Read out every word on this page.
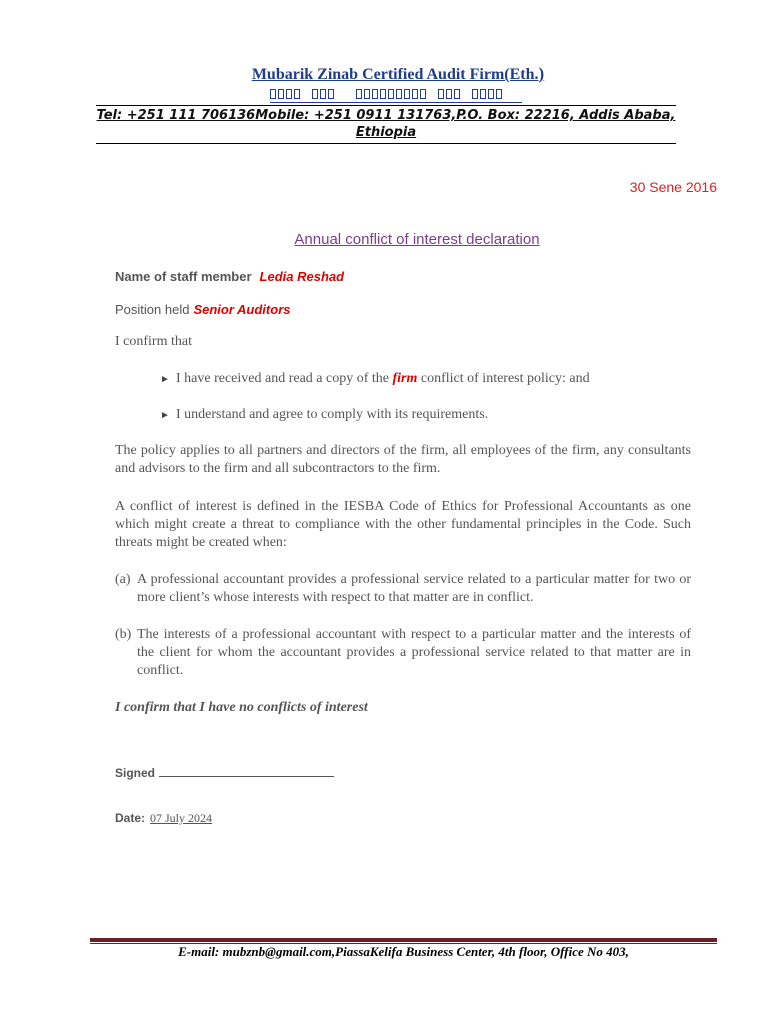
Mubarik Zinab Certified Audit Firm(Eth.)
Tel: +251 111 706136Mobile: +251 0911 131763,P.O. Box: 22216, Addis Ababa, Ethiopia
30 Sene 2016
Annual conflict of interest declaration
Name of staff member Ledia Reshad
Position held Senior Auditors
I confirm that
► I have received and read a copy of the firm conflict of interest policy: and
► I understand and agree to comply with its requirements.
The policy applies to all partners and directors of the firm, all employees of the firm, any consultants and advisors to the firm and all subcontractors to the firm.
A conflict of interest is defined in the IESBA Code of Ethics for Professional Accountants as one which might create a threat to compliance with the other fundamental principles in the Code. Such threats might be created when:
(a) A professional accountant provides a professional service related to a particular matter for two or more client’s whose interests with respect to that matter are in conflict.
(b) The interests of a professional accountant with respect to a particular matter and the interests of the client for whom the accountant provides a professional service related to that matter are in conflict.
I confirm that I have no conflicts of interest
Signed
Date: 07 July 2024
E-mail: mubznb@gmail.com,PiassaKelifa Business Center, 4th floor, Office No 403,
